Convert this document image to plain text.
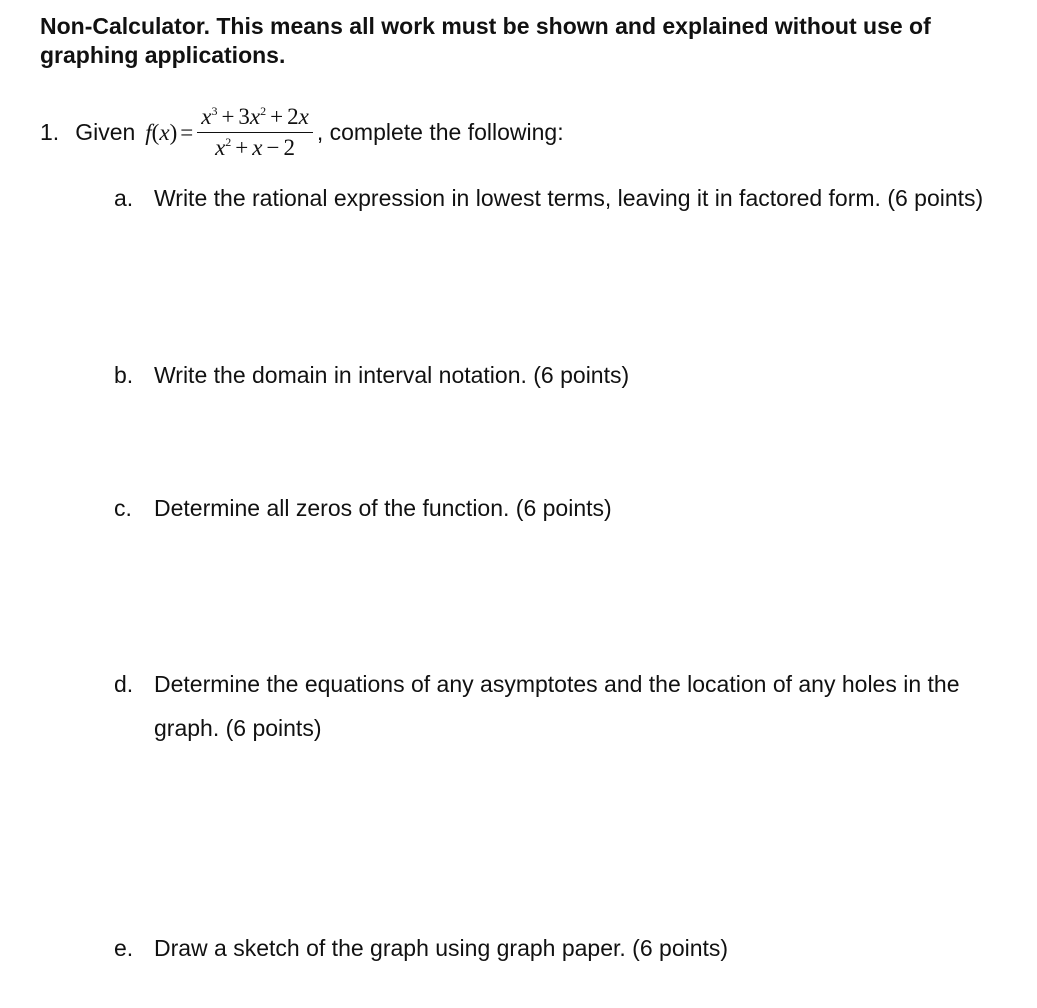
Non-Calculator. This means all work must be shown and explained without use of graphing applications.
1. Given f ( x ) = $\frac{x^3 + 3x^2 + 2x}{x^2 + x - 2}$ , complete the following:
a. Write the rational expression in lowest terms, leaving it in factored form. (6 points)
b. Write the domain in interval notation. (6 points)
c. Determine all zeros of the function. (6 points)
d. Determine the equations of any asymptotes and the location of any holes in the graph. (6 points)
e. Draw a sketch of the graph using graph paper. (6 points)
